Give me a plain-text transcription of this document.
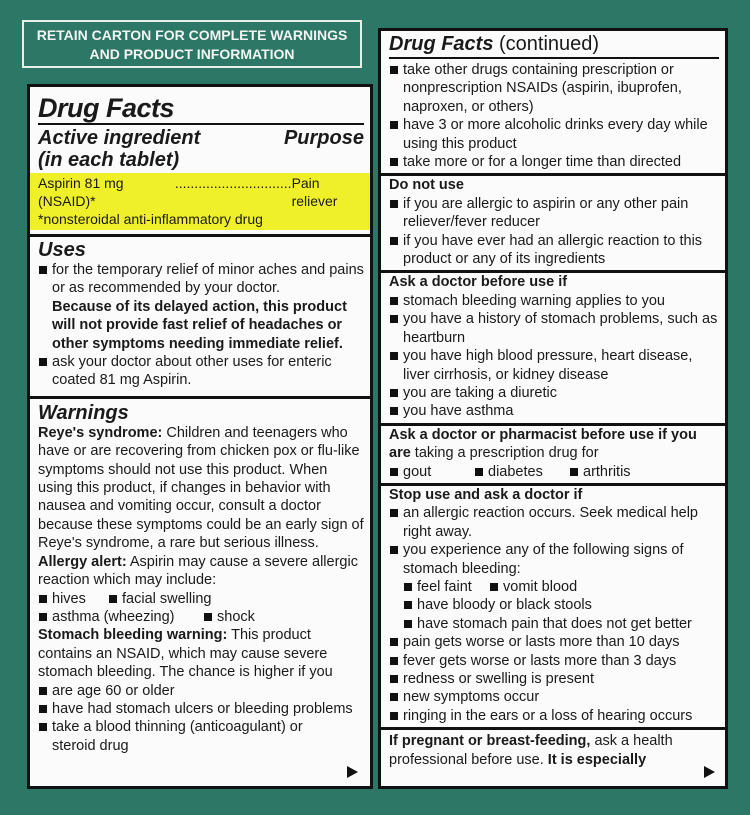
RETAIN CARTON FOR COMPLETE WARNINGS
AND PRODUCT INFORMATION
Drug Facts
Active ingredient	Purpose
(in each tablet)
Aspirin 81 mg (NSAID)*
.............................. Pain reliever
*nonsteroidal anti-inflammatory drug
Uses
for the temporary relief of minor aches and pains or as recommended by your doctor.
Because of its delayed action, this product will not provide fast relief of headaches or other symptoms needing immediate relief.
ask your doctor about other uses for enteric coated 81 mg Aspirin.
Warnings
Reye's syndrome: Children and teenagers who have or are recovering from chicken pox or flu-like symptoms should not use this product. When using this product, if changes in behavior with nausea and vomiting occur, consult a doctor because these symptoms could be an early sign of Reye's syndrome, a rare but serious illness.
Allergy alert: Aspirin may cause a severe allergic reaction which may include:
hives facial swelling
asthma (wheezing)	shock
Stomach bleeding warning: This product contains an NSAID, which may cause severe stomach bleeding. The chance is higher if you
are age 60 or older
have had stomach ulcers or bleeding problems
take a blood thinning (anticoagulant) or steroid drug
Drug Facts (continued)
take other drugs containing prescription or nonprescription NSAIDs (aspirin, ibuprofen, naproxen, or others)
have 3 or more alcoholic drinks every day while using this product
take more or for a longer time than directed
Do not use
if you are allergic to aspirin or any other pain reliever/fever reducer
if you have ever had an allergic reaction to this product or any of its ingredients
Ask a doctor before use if
stomach bleeding warning applies to you
you have a history of stomach problems, such as heartburn
you have high blood pressure, heart disease, liver cirrhosis, or kidney disease
you are taking a diuretic
you have asthma
Ask a doctor or pharmacist before use if you are taking a prescription drug for
gout	diabetes	arthritis
Stop use and ask a doctor if
an allergic reaction occurs. Seek medical help right away.
you experience any of the following signs of stomach bleeding:
feel faint vomit blood
have bloody or black stools
have stomach pain that does not get better
pain gets worse or lasts more than 10 days
fever gets worse or lasts more than 3 days
redness or swelling is present
new symptoms occur
ringing in the ears or a loss of hearing occurs
If pregnant or breast-feeding, ask a health professional before use. It is especially
